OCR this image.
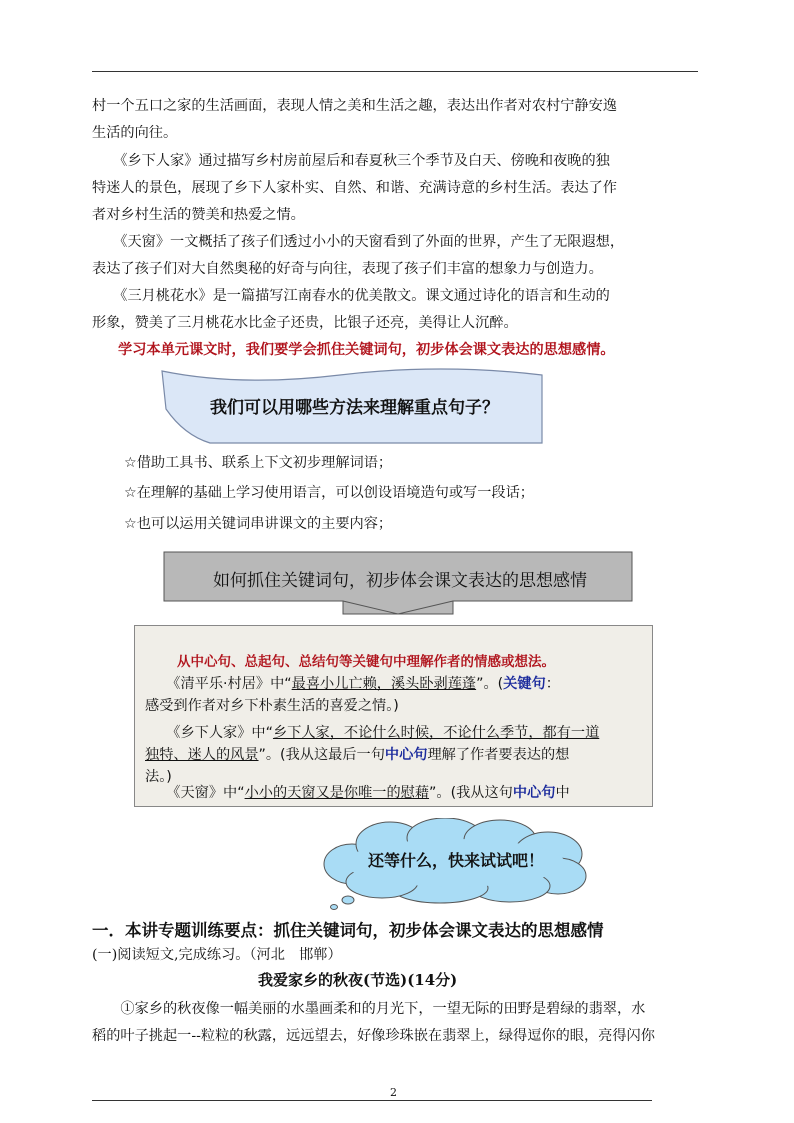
村一个五口之家的生活画面，表现人情之美和生活之趣，表达出作者对农村宁静安逸
生活的向往。
　　《乡下人家》通过描写乡村房前屋后和春夏秋三个季节及白天、傍晚和夜晚的独
特迷人的景色，展现了乡下人家朴实、自然、和谐、充满诗意的乡村生活。表达了作
者对乡村生活的赞美和热爱之情。
　　《天窗》一文概括了孩子们透过小小的天窗看到了外面的世界，产生了无限遐想，
表达了孩子们对大自然奥秘的好奇与向往，表现了孩子们丰富的想象力与创造力。
　　《三月桃花水》是一篇描写江南春水的优美散文。课文通过诗化的语言和生动的
形象，赞美了三月桃花水比金子还贵，比银子还亮，美得让人沉醉。
学习本单元课文时，我们要学会抓住关键词句，初步体会课文表达的思想感情。
我们可以用哪些方法来理解重点句子？
☆借助工具书、联系上下文初步理解词语；
☆在理解的基础上学习使用语言，可以创设语境造句或写一段话；
☆也可以运用关键词串讲课文的主要内容；
如何抓住关键词句，初步体会课文表达的思想感情
从中心句、总起句、总结句等关键句中理解作者的情感或想法。
　　《清平乐·村居》中“最喜小儿亡赖，溪头卧剥莲蓬”。(关键句：
感受到作者对乡下朴素生活的喜爱之情。)
　　《乡下人家》中“乡下人家，不论什么时候，不论什么季节，都有一道
独特、迷人的风景”。(我从这最后一句中心句理解了作者要表达的想
法。)
　　《天窗》中“小小的天窗又是你唯一的慰藉”。(我从这句中心句中
还等什么，快来试试吧！
一．本讲专题训练要点：抓住关键词句，初步体会课文表达的思想感情
(一)阅读短文,完成练习。（河北　邯郸）
我爱家乡的秋夜(节选)(14分)
　　①家乡的秋夜像一幅美丽的水墨画柔和的月光下，一望无际的田野是碧绿的翡翠，水
稻的叶子挑起一--粒粒的秋露，远远望去，好像珍珠嵌在翡翠上，绿得逗你的眼，亮得闪你
2
